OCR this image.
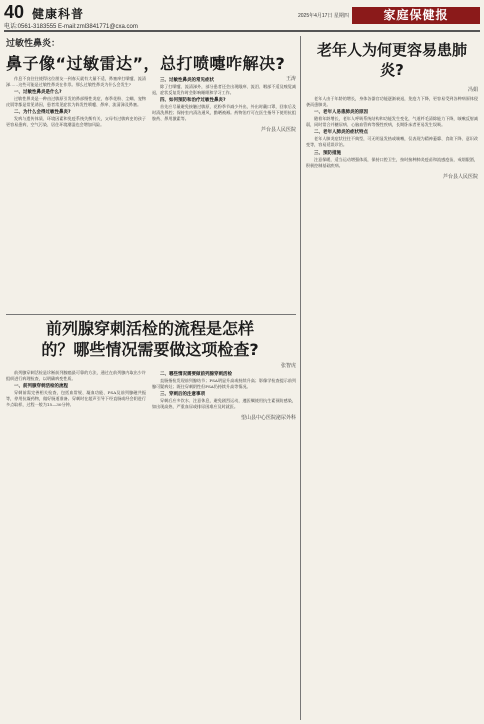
40 健康科普
电话:0561-3183555 E-mail:zml3841771@cxa.com
2025年4月17日 星期四	家庭保健报
过敏性鼻炎：
鼻子像“过敏雷达”，总打喷嚏咋解决?
王涛

作息不良往往使得这位朋友一到春天就有大量不适，鼻塞痒打喷嚏、流清涕……这些可能是过敏性鼻炎在作祟。那么过敏性鼻炎为什么会发生?

一、过敏性鼻炎是什么?

过敏性鼻炎是一种由过敏原引发的鼻部慢性炎症，春季花粉、尘螨、宠物皮屑等都是常见诱因，患者常见症状为阵发性喷嚏、鼻痒、流清涕及鼻塞。

二、为什么会得过敏性鼻炎?

发病与遗传体质、环境因素和免疫系统失衡有关，父母有过敏病史的孩子更容易患病，空气污染、居住环境潮湿也会增加风险。

三、过敏性鼻炎的常见症状

除了打喷嚏、流清涕外，部分患者还会出现眼痒、流泪、咽部不适及嗅觉减退，症状反复发作时会影响睡眠和学习工作。

四、如何预防和治疗过敏性鼻炎?

首先应尽量避免接触过敏原，花粉季节减少外出，外出时戴口罩，回家后及时清洗鼻腔；保持室内清洁通风，勤晒被褥。药物治疗可在医生指导下使用抗组胺药、鼻用激素等。

芦台县人民医院
前列腺穿刺活检的流程是怎样的？哪些情况需要做这项检查?
张智虎

前列腺穿刺活检是诊断前列腺癌最可靠的方法，通过在前列腺内取出少许组织进行病理检查，以明确病变性质。

一、前列腺穿刺活检的流程

穿刺前需完善相关检查，包括血常规、凝血功能、PSA及前列腺磁共振等，停用抗凝药物，做好肠道准备。穿刺时在超声引导下经直肠或经会阴进行多点取样，过程一般为15—30分钟。

二、哪些情况需要做前列腺穿刺活检

直肠指检发现前列腺结节；PSA明显升高或持续升高；影像学检查提示前列腺可疑病灶；既往穿刺阴性但PSA仍持续升高等情况。

三、穿刺后的注意事项

穿刺后应多饮水、注意休息，避免剧烈运动，遵医嘱使用抗生素预防感染，如出现高热、严重血尿或排尿困难应及时就医。

望山县中心医院泌尿外科
老年人为何更容易患肺炎?
冯娟

老年人由于年龄的增长，身体各器官功能逐渐衰退，免疫力下降，更容易受到各种病原体侵袭而患肺炎。

一、老年人易患肺炎的原因

随着年龄增长，老年人呼吸系统结构和功能发生变化，气道纤毛清除能力下降，咳嗽反射减弱，同时常合并糖尿病、心脑血管病等慢性疾病，长期卧床者更易发生误吸。

二、老年人肺炎的症状特点

老年人肺炎症状往往不典型，可无明显发热或咳嗽，仅表现为精神萎靡、食欲下降、意识改变等，容易延误诊治。

三、预防措施

注意保暖，适当运动增强体质，保持口腔卫生，按时接种肺炎疫苗和流感疫苗，戒烟限酒，积极控制基础疾病。

芦台县人民医院
